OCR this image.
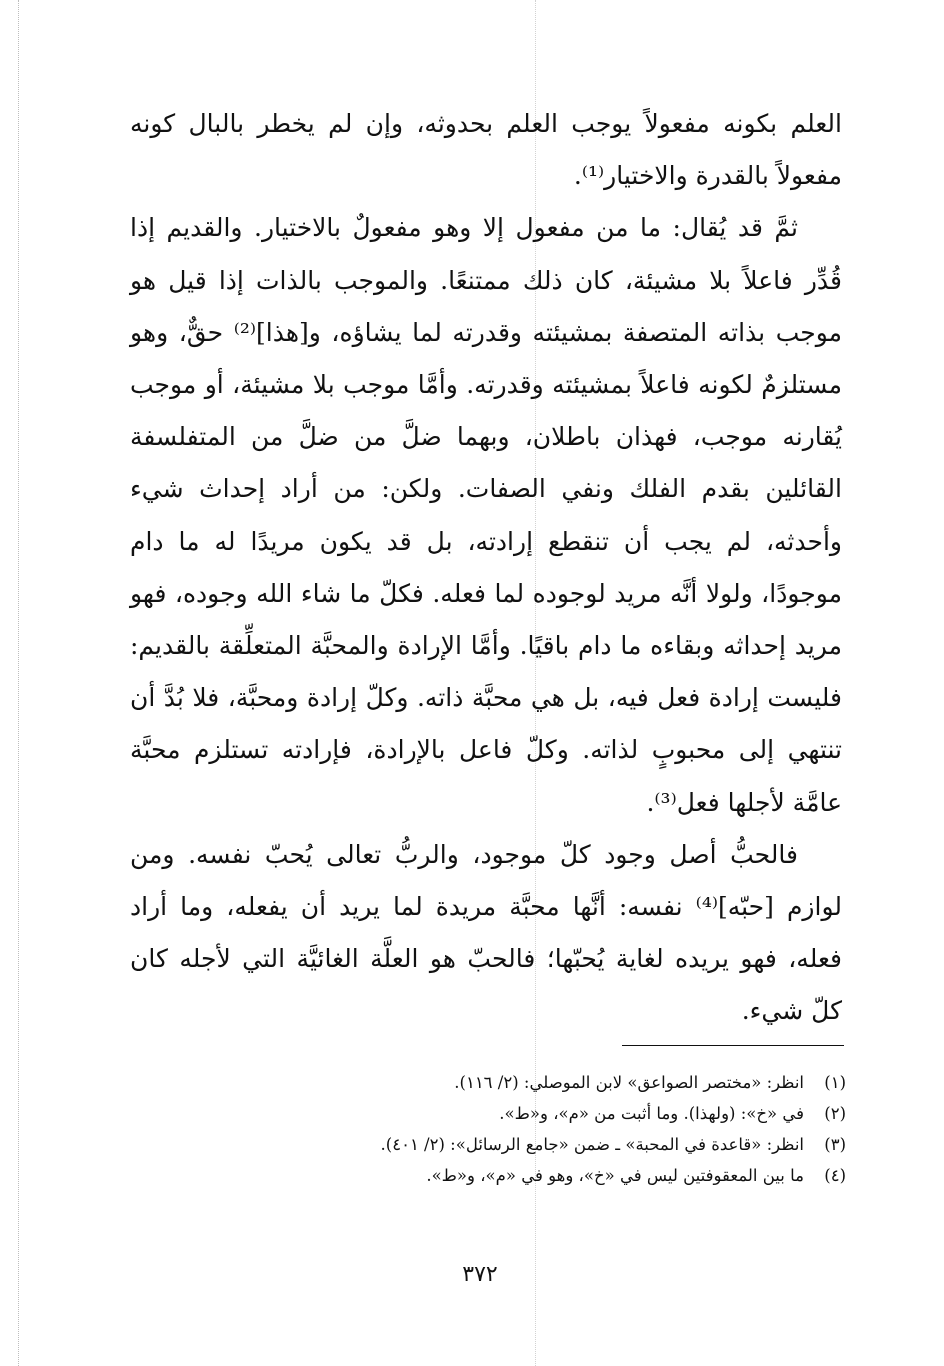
العلم بكونه مفعولاً يوجب العلم بحدوثه، وإن لم يخطر بالبال كونه مفعولاً بالقدرة والاختيار⁽¹⁾.

ثمَّ قد يُقال: ما من مفعول إلا وهو مفعولٌ بالاختيار. والقديم إذا قُدِّر فاعلاً بلا مشيئة، كان ذلك ممتنعًا. والموجب بالذات إذا قيل هو موجب بذاته المتصفة بمشيئته وقدرته لما يشاؤه، و[هذا]⁽²⁾ حقٌّ، وهو مستلزمٌ لكونه فاعلاً بمشيئته وقدرته. وأمَّا موجب بلا مشيئة، أو موجب يُقارنه موجب، فهذان باطلان، وبهما ضلَّ من ضلَّ من المتفلسفة القائلين بقدم الفلك ونفي الصفات. ولكن: من أراد إحداث شيء وأحدثه، لم يجب أن تنقطع إرادته، بل قد يكون مريدًا له ما دام موجودًا، ولولا أنَّه مريد لوجوده لما فعله. فكلّ ما شاء الله وجوده، فهو مريد إحداثه وبقاءه ما دام باقيًا. وأمَّا الإرادة والمحبَّة المتعلِّقة بالقديم: فليست إرادة فعل فيه، بل هي محبَّة ذاته. وكلّ إرادة ومحبَّة، فلا بُدَّ أن تنتهي إلى محبوبٍ لذاته. وكلّ فاعل بالإرادة، فإرادته تستلزم محبَّة عامَّة لأجلها فعل⁽³⁾.

فالحبُّ أصل وجود كلّ موجود، والربُّ تعالى يُحبّ نفسه. ومن لوازم [حبّه]⁽⁴⁾ نفسه: أنَّها محبَّة مريدة لما يريد أن يفعله، وما أراد فعله، فهو يريده لغاية يُحبّها؛ فالحبّ هو العلَّة الغائيَّة التي لأجله كان كلّ شيء.

(١)
انظر: «مختصر الصواعق» لابن الموصلي: (٢/ ١١٦).
(٢)
في «خ»: (ولهذا). وما أثبت من «م»، و«ط».
(٣)
انظر: «قاعدة في المحبة» ـ ضمن «جامع الرسائل»: (٢/ ٤٠١).
(٤)
ما بين المعقوفتين ليس في «خ»، وهو في «م»، و«ط».
٣٧٢
